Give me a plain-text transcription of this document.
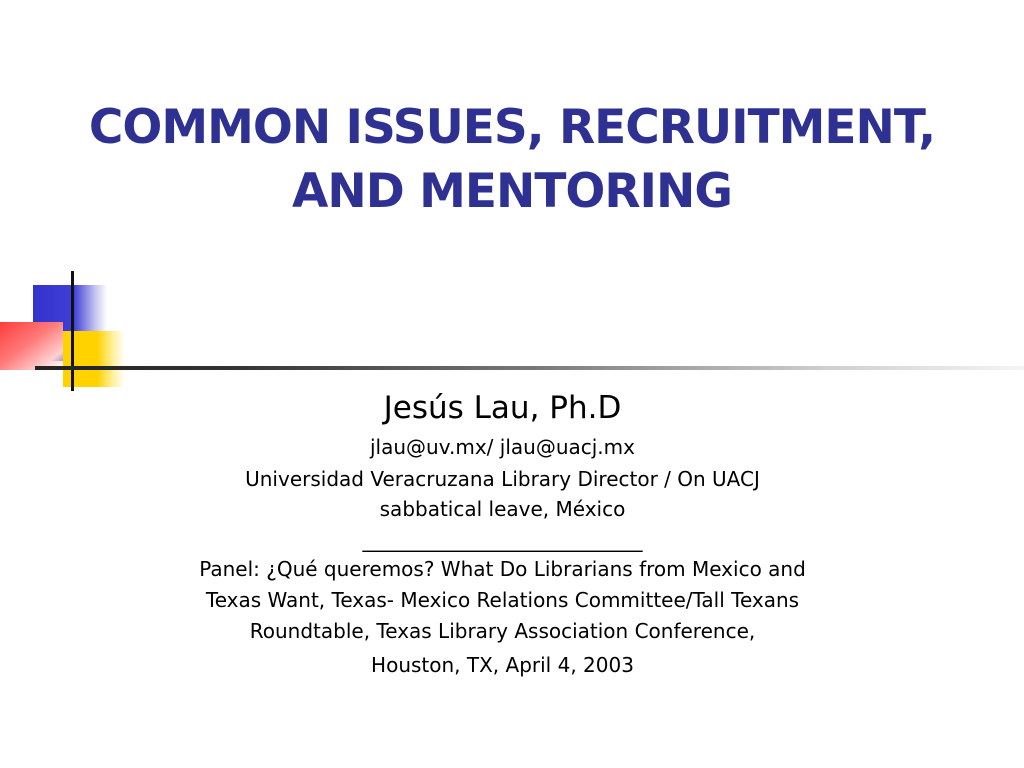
COMMON ISSUES, RECRUITMENT,
AND MENTORING

Jesús Lau, Ph.D

jlau@uv.mx/ jlau@uacj.mx

Universidad Veracruzana Library Director / On UACJ
sabbatical leave, México

____________________________

Panel: ¿Qué queremos? What Do Librarians from Mexico and
Texas Want, Texas- Mexico Relations Committee/Tall Texans
Roundtable, Texas Library Association Conference,

Houston, TX, April 4, 2003
